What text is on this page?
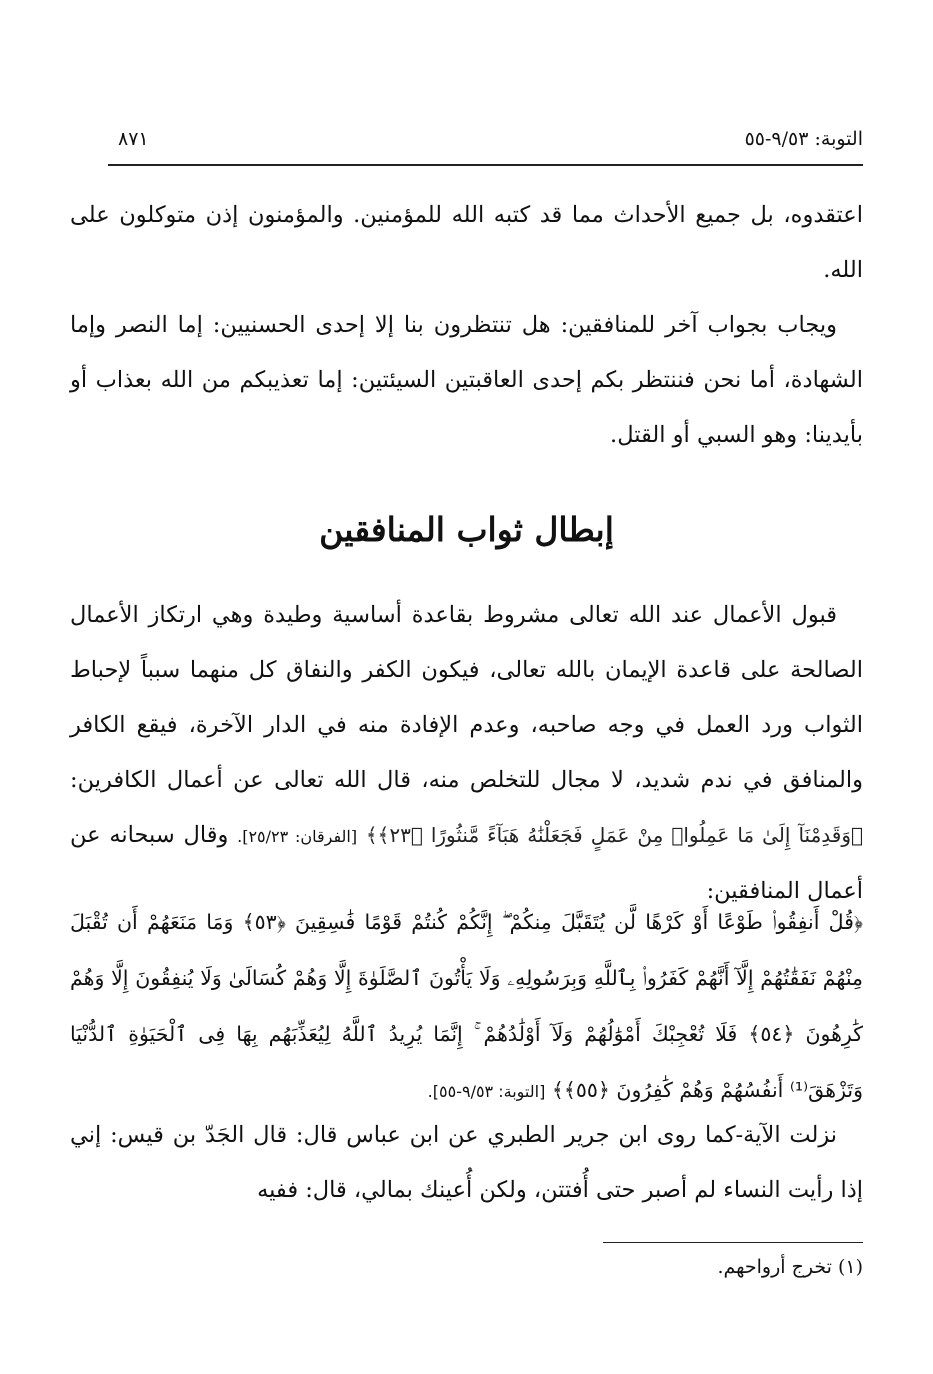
التوبة: ٩/٥٣-٥٥
٨٧١

اعتقدوه، بل جميع الأحداث مما قد كتبه الله للمؤمنين. والمؤمنون إذن متوكلون على الله.

ويجاب بجواب آخر للمنافقين: هل تنتظرون بنا إلا إحدى الحسنيين: إما النصر وإما الشهادة، أما نحن فننتظر بكم إحدى العاقبتين السيئتين: إما تعذيبكم من الله بعذاب أو بأيدينا: وهو السبي أو القتل.

إبطال ثواب المنافقين
قبول الأعمال عند الله تعالى مشروط بقاعدة أساسية وطيدة وهي ارتكاز الأعمال الصالحة على قاعدة الإيمان بالله تعالى، فيكون الكفر والنفاق كل منهما سبباً لإحباط الثواب ورد العمل في وجه صاحبه، وعدم الإفادة منه في الدار الآخرة، فيقع الكافر والمنافق في ندم شديد، لا مجال للتخلص منه، قال الله تعالى عن أعمال الكافرين: ﴿وَقَدِمْنَآ إِلَىٰ مَا عَمِلُوا۟ مِنْ عَمَلٍ فَجَعَلْنَٰهُ هَبَآءً مَّنثُورًا ﴿٢٣﴾﴾ [الفرقان: ٢٥/٢٣]. وقال سبحانه عن أعمال المنافقين:
﴿قُلْ أَنفِقُوا۟ طَوْعًا أَوْ كَرْهًا لَّن يُتَقَبَّلَ مِنكُمْ ۖ إِنَّكُمْ كُنتُمْ قَوْمًا فَٰسِقِينَ ﴿٥٣﴾ وَمَا مَنَعَهُمْ أَن تُقْبَلَ مِنْهُمْ نَفَقَٰتُهُمْ إِلَّآ أَنَّهُمْ كَفَرُوا۟ بِٱللَّهِ وَبِرَسُولِهِۦ وَلَا يَأْتُونَ ٱلصَّلَوٰةَ إِلَّا وَهُمْ كُسَالَىٰ وَلَا يُنفِقُونَ إِلَّا وَهُمْ كَٰرِهُونَ ﴿٥٤﴾ فَلَا تُعْجِبْكَ أَمْوَٰلُهُمْ وَلَآ أَوْلَٰدُهُمْ ۚ إِنَّمَا يُرِيدُ ٱللَّهُ لِيُعَذِّبَهُم بِهَا فِى ٱلْحَيَوٰةِ ٱلدُّنْيَا وَتَزْهَقَ⁽¹⁾ أَنفُسُهُمْ وَهُمْ كَٰفِرُونَ ﴿٥٥﴾﴾ [التوبة: ٩/٥٣-٥٥].

نزلت الآية-كما روى ابن جرير الطبري عن ابن عباس قال: قال الجَدّ بن قيس: إني إذا رأيت النساء لم أصبر حتى أُفتتن، ولكن أُعينك بمالي، قال: ففيه

(١) تخرج أرواحهم.
